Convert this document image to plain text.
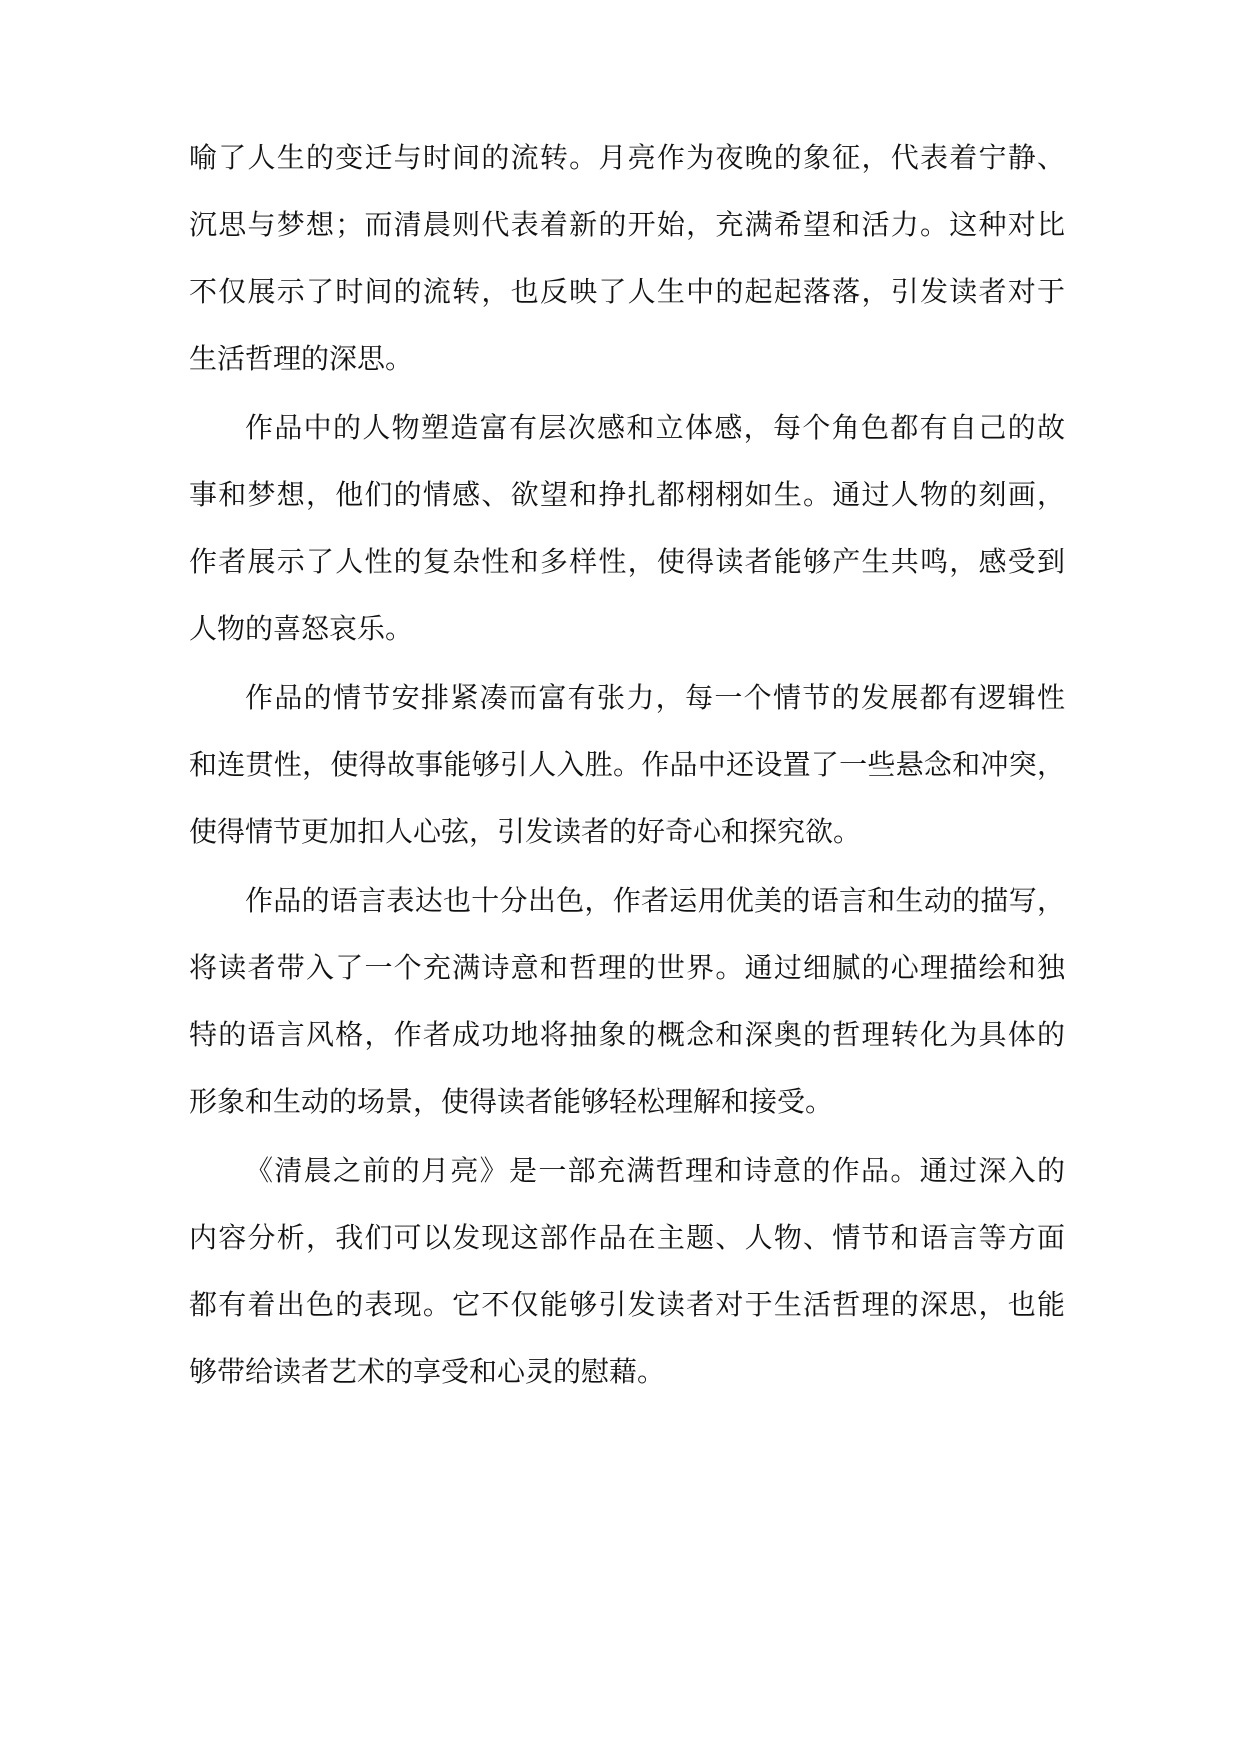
喻了人生的变迁与时间的流转。月亮作为夜晚的象征，代表着宁静、
沉思与梦想；而清晨则代表着新的开始，充满希望和活力。这种对比
不仅展示了时间的流转，也反映了人生中的起起落落，引发读者对于
生活哲理的深思。
作品中的人物塑造富有层次感和立体感，每个角色都有自己的故
事和梦想，他们的情感、欲望和挣扎都栩栩如生。通过人物的刻画，
作者展示了人性的复杂性和多样性，使得读者能够产生共鸣，感受到
人物的喜怒哀乐。
作品的情节安排紧凑而富有张力，每一个情节的发展都有逻辑性
和连贯性，使得故事能够引人入胜。作品中还设置了一些悬念和冲突，
使得情节更加扣人心弦，引发读者的好奇心和探究欲。
作品的语言表达也十分出色，作者运用优美的语言和生动的描写，
将读者带入了一个充满诗意和哲理的世界。通过细腻的心理描绘和独
特的语言风格，作者成功地将抽象的概念和深奥的哲理转化为具体的
形象和生动的场景，使得读者能够轻松理解和接受。
《清晨之前的月亮》是一部充满哲理和诗意的作品。通过深入的
内容分析，我们可以发现这部作品在主题、人物、情节和语言等方面
都有着出色的表现。它不仅能够引发读者对于生活哲理的深思，也能
够带给读者艺术的享受和心灵的慰藉。
